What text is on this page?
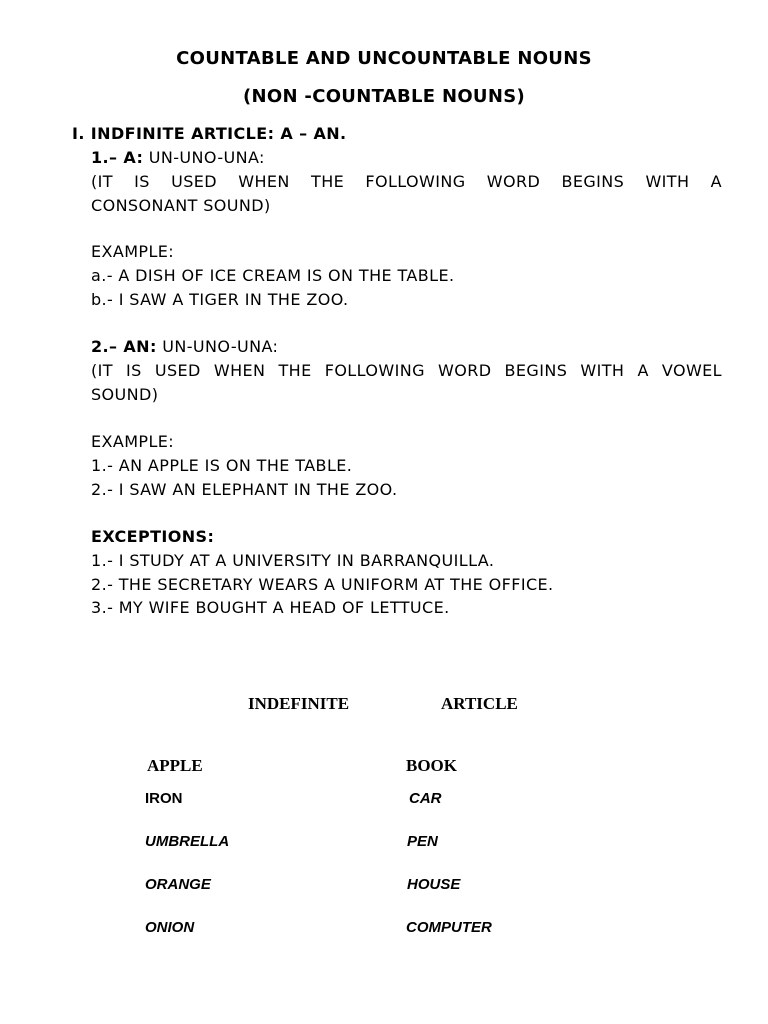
COUNTABLE AND UNCOUNTABLE NOUNS
(NON -COUNTABLE NOUNS)
I. INDFINITE ARTICLE: A – AN.
1.– A: UN-UNO-UNA:
(IT IS USED WHEN THE FOLLOWING WORD BEGINS WITH A
CONSONANT SOUND)
EXAMPLE:
a.- A DISH OF ICE CREAM IS ON THE TABLE.
b.- I SAW A TIGER IN THE ZOO.
2.– AN: UN-UNO-UNA:
(IT IS USED WHEN THE FOLLOWING WORD BEGINS WITH A VOWEL
SOUND)
EXAMPLE:
1.- AN APPLE IS ON THE TABLE.
2.- I SAW AN ELEPHANT IN THE ZOO.
EXCEPTIONS:
1.- I STUDY AT A UNIVERSITY IN BARRANQUILLA.
2.- THE SECRETARY WEARS A UNIFORM AT THE OFFICE.
3.- MY WIFE BOUGHT A HEAD OF LETTUCE.
INDEFINITE	ARTICLE
APPLE	BOOK
IRON
UMBRELLA
ORANGE
ONION
CAR
PEN
HOUSE
COMPUTER
